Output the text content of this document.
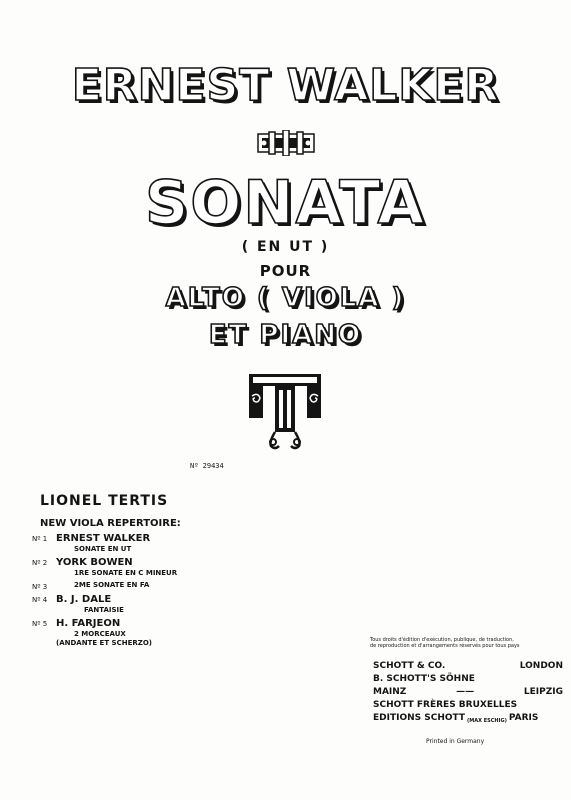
ERNEST WALKER
SONATA
( EN UT )
POUR
ALTO ( VIOLA )
ET PIANO
Nº 29434
LIONEL TERTIS
NEW VIOLA REPERTOIRE:
Nº 1 ERNEST WALKER
SONATE EN UT
Nº 2 YORK BOWEN
1RE SONATE EN C MINEUR
Nº 3	2ME SONATE EN FA
Nº 4 B. J. DALE
FANTAISIE
Nº 5 H. FARJEON
2 MORCEAUX
(ANDANTE ET SCHERZO)	Tous droits d'édition d'exécution, publique, de traduction,
de reproduction et d'arrangements réservés pour tous pays
SCHOTT & CO.	LONDON
B. SCHOTT'S SÖHNE
MAINZ	——	LEIPZIG
SCHOTT FRÈRES BRUXELLES
EDITIONS SCHOTT (MAX ESCHIG) PARIS
Printed in Germany
